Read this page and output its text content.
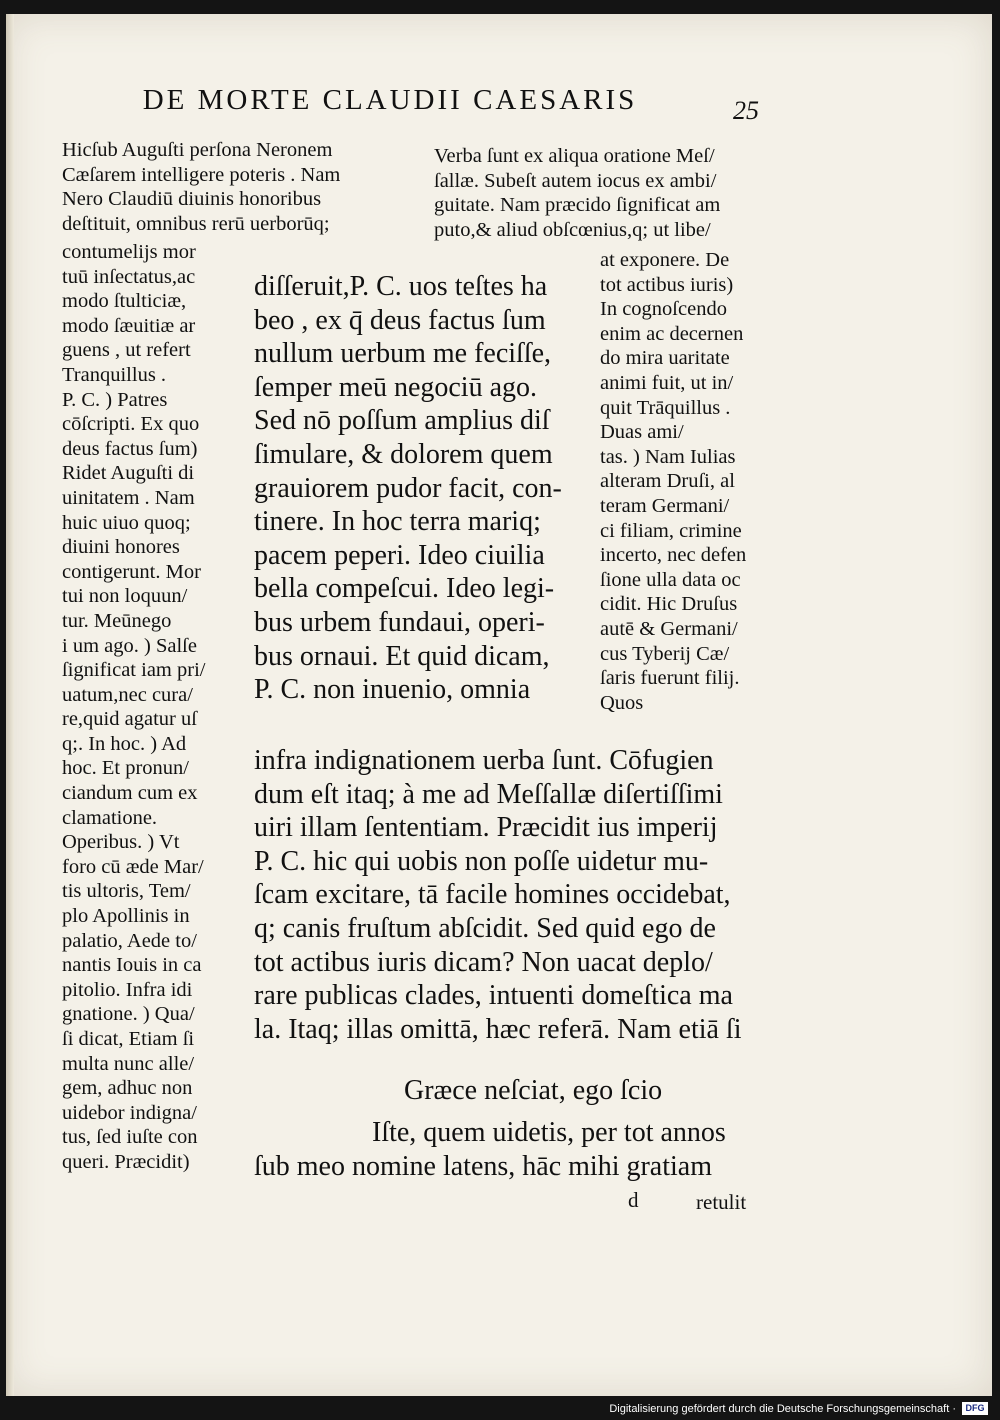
DE MORTE CLAUDII CAESARIS	25
Hicſub Auguſti perſona Neronem
Cæſarem intelligere poteris . Nam
Nero Claudiū diuinis honoribus
deſtituit, omnibus rerū uerborūq;
Verba ſunt ex aliqua oratione Meſ/
ſallæ. Subeſt autem iocus ex ambi/
guitate. Nam præcido ſignificat am
puto,& aliud obſcœnius,q; ut libe/
contumelijs mor
tuū inſectatus,ac
modo ſtulticiæ,
modo ſæuitiæ ar
guens , ut refert
Tranquillus .
P. C. ) Patres
cōſcripti. Ex quo
deus factus ſum)
Ridet Auguſti di
uinitatem . Nam
huic uiuo quoq;
diuini honores
contigerunt. Mor
tui non loquun/
tur. Meūnego
i um ago. ) Salſe
ſignificat iam pri/
uatum,nec cura/
re,quid agatur uſ
q;. In hoc. ) Ad
hoc. Et pronun/
ciandum cum ex
clamatione.
Operibus. ) Vt
foro cū æde Mar/
tis ultoris, Tem/
plo Apollinis in
palatio, Aede to/
nantis Iouis in ca
pitolio. Infra idi
gnatione. ) Qua/
ſi dicat, Etiam ſi
multa nunc alle/
gem, adhuc non
uidebor indigna/
tus, ſed iuſte con
queri. Præcidit)
at exponere. De
tot actibus iuris)
In cognoſcendo
enim ac decernen
do mira uaritate
animi fuit, ut in/
quit Trāquillus .
Duas ami/
tas. ) Nam Iulias
alteram Druſi, al
teram Germani/
ci filiam, crimine
incerto, nec defen
ſione ulla data oc
cidit. Hic Druſus
autē & Germani/
cus Tyberij Cæ/
ſaris fuerunt filij.
Quos
diſſeruit,P. C. uos teſtes ha
beo , ex q̄ deus factus ſum
nullum uerbum me feciſſe,
ſemper meū negociū ago.
Sed nō poſſum amplius diſ
ſimulare, & dolorem quem
grauiorem pudor facit, con-
tinere. In hoc terra mariq;
pacem peperi. Ideo ciuilia
bella compeſcui. Ideo legi-
bus urbem fundaui, operi-
bus ornaui. Et quid dicam,
P. C. non inuenio, omnia
infra indignationem uerba ſunt. Cōfugien
dum eſt itaq; à me ad Meſſallæ diſertiſſimi
uiri illam ſententiam. Præcidit ius imperij
P. C. hic qui uobis non poſſe uidetur mu-
ſcam excitare, tā facile homines occidebat,
q; canis fruſtum abſcidit. Sed quid ego de
tot actibus iuris dicam? Non uacat deplo/
rare publicas clades, intuenti domeſtica ma
la. Itaq; illas omittā, hæc referā. Nam etiā ſi
Græce neſciat, ego ſcio
Iſte, quem uidetis, per tot annos
ſub meo nomine latens, hāc mihi gratiam
d	retulit
Digitalisierung gefördert durch die Deutsche Forschungsgemeinschaft ·	DFG
